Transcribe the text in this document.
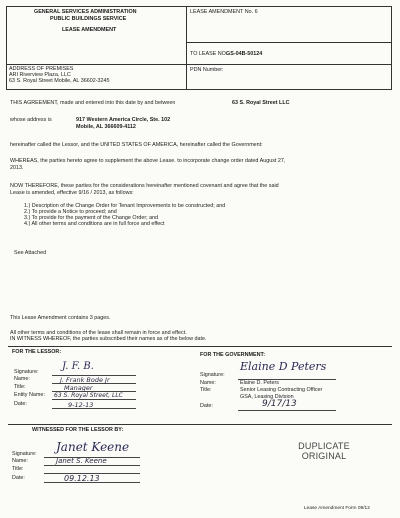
GENERAL SERVICES ADMINISTRATION
PUBLIC BUILDINGS SERVICE
LEASE AMENDMENT
LEASE AMENDMENT No. 6
TO LEASE NO.
GS-04B-50124
ADDRESS OF PREMISES
ARI Riverview Plaza, LLC
63 S. Royal Street Mobile, AL 36602-3245
PDN Number:
THIS AGREEMENT, made and entered into this date by and between	63 S. Royal Street LLC
whose address is	917 Western America Circle, Ste. 102
Mobile, AL 366609-4112
hereinafter called the Lessor, and the UNITED STATES OF AMERICA, hereinafter called the Government:
WHEREAS, the parties hereto agree to supplement the above Lease. to incorporate change order dated August 27,
2013.
NOW THEREFORE, these parties for the considerations hereinafter mentioned covenant and agree that the said
Lease is amended, effective 9/16 / 2013, as follows:
1.) Description of the Change Order for Tenant Improvements to be constructed; and
2.) To provide a Notice to proceed; and
3.) To provide for the payment of the Change Order; and
4.) All other terms and conditions are in full force and effect
See Attached
This Lease Amendment contains 3 pages.
All other terms and conditions of the lease shall remain in force and effect.
IN WITNESS WHEREOF, the parties subscribed their names as of the below date.
FOR THE LESSOR:
Signature:
Name:
Title:
Entity Name:
Date:
J. F. B.
J. Frank Bode Jr
Manager
63 S. Royal Street, LLC
9-12-13
FOR THE GOVERNMENT:
Signature:
Name:
Title:
Date:
Elaine D Peters
Elaine D. Peters
Senior Leasing Contracting Officer
GSA, Leasing Division
9/17/13
WITNESSED FOR THE LESSOR BY:
Signature:
Name:
Title:
Date:
Janet Keene
Janet S. Keene
09.12.13
DUPLICATE
ORIGINAL
Lease Amendment Form 09/12
